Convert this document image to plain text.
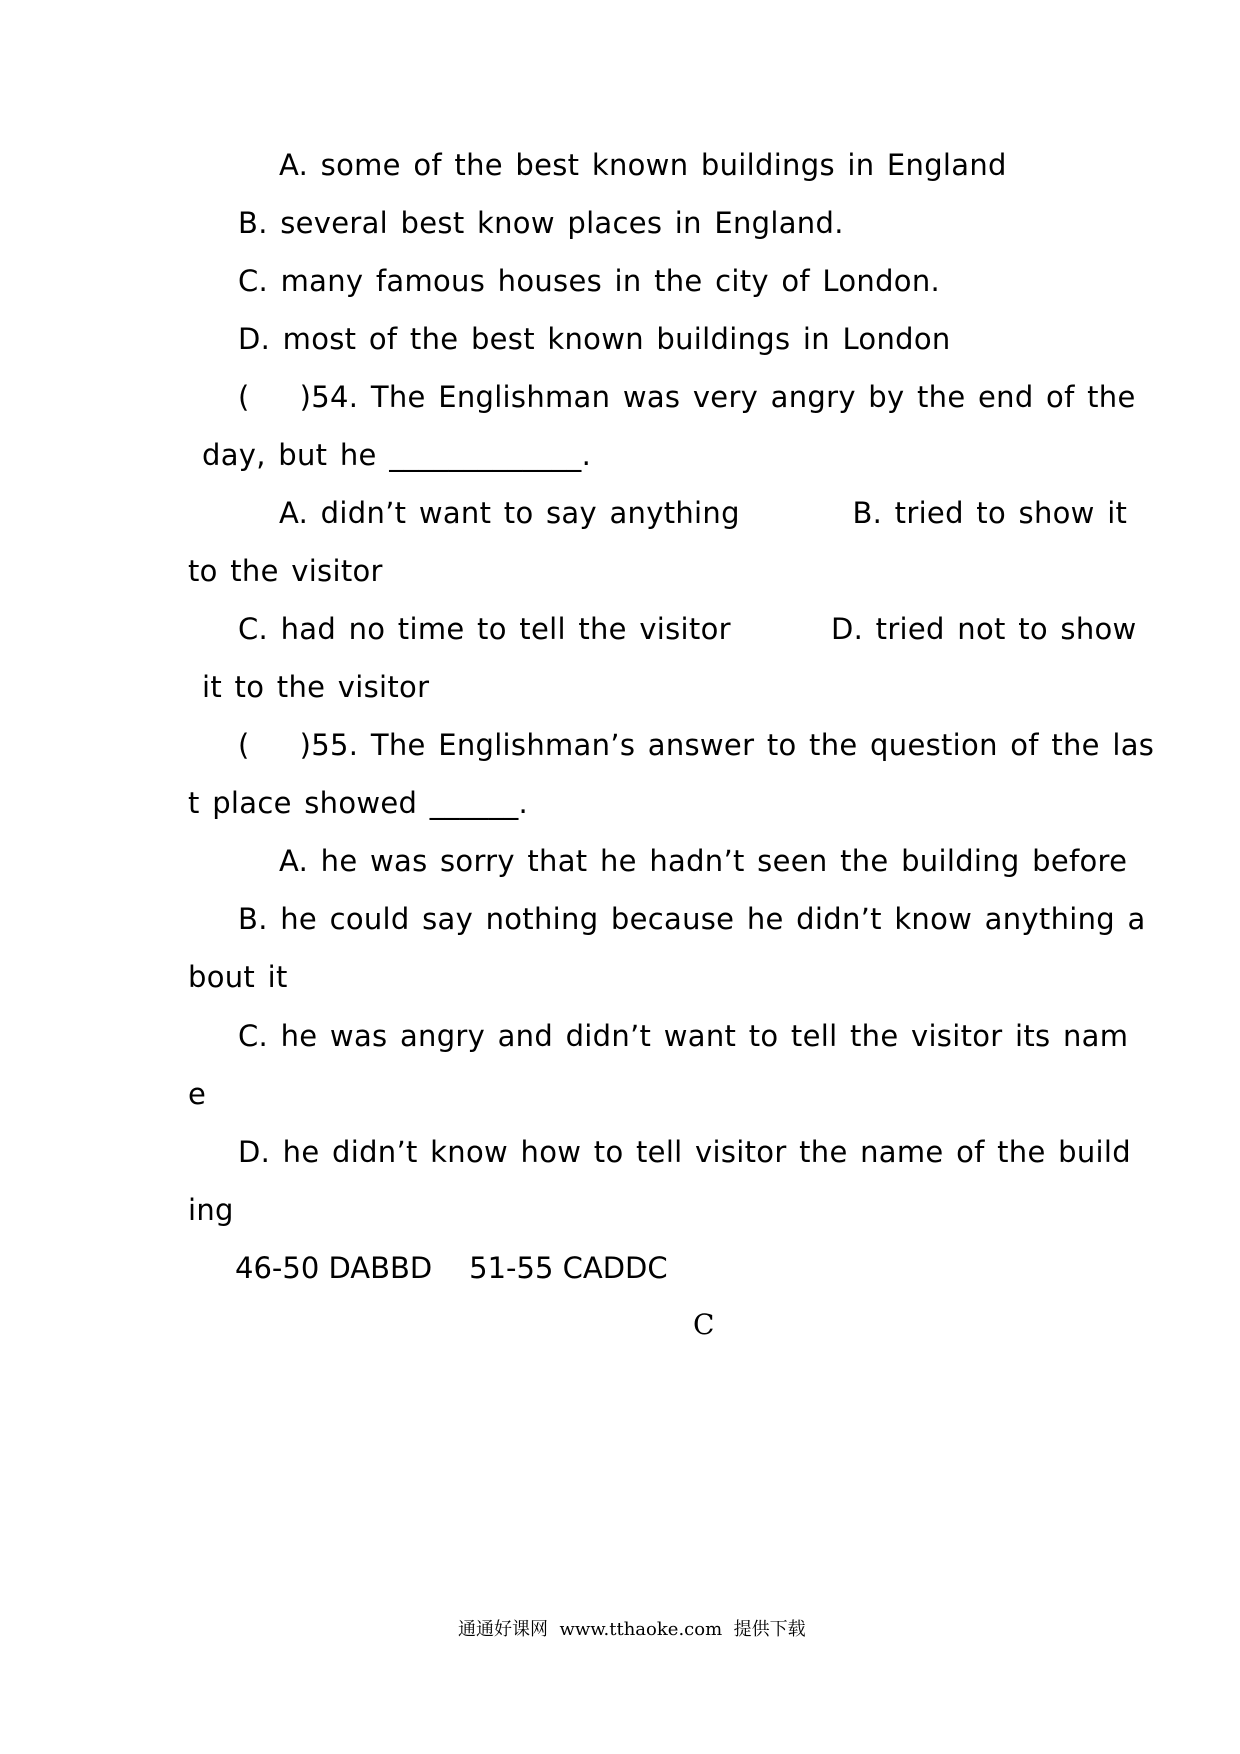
A. some of the best known buildings in England
B. several best know places in England.
C. many famous houses in the city of London.
D. most of the best known buildings in London
(    )54. The Englishman was very angry by the end of the
day, but he _____________.
A. didn’t want to say anything         B. tried to show it
to the visitor
C. had no time to tell the visitor        D. tried not to show
it to the visitor
(    )55. The Englishman’s answer to the question of the las
t place showed ______.
A. he was sorry that he hadn’t seen the building before
B. he could say nothing because he didn’t know anything a
bout it
C. he was angry and didn’t want to tell the visitor its nam
e
D. he didn’t know how to tell visitor the name of the build
ing
46-50 DABBD    51-55 CADDC
C
通通好课网  www.tthaoke.com  提供下载
